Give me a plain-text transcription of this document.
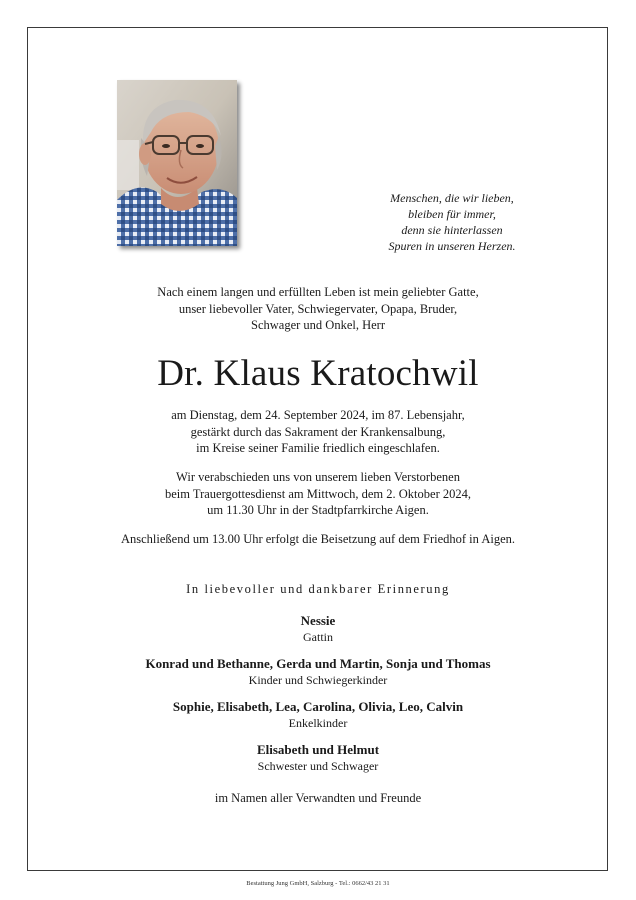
Menschen, die wir lieben,
bleiben für immer,
denn sie hinterlassen
Spuren in unseren Herzen.
Nach einem langen und erfüllten Leben ist mein geliebter Gatte,
unser liebevoller Vater, Schwiegervater, Opapa, Bruder,
Schwager und Onkel, Herr
Dr. Klaus Kratochwil
am Dienstag, dem 24. September 2024, im 87. Lebensjahr,
gestärkt durch das Sakrament der Krankensalbung,
im Kreise seiner Familie friedlich eingeschlafen.
Wir verabschieden uns von unserem lieben Verstorbenen
beim Trauergottesdienst am Mittwoch, dem 2. Oktober 2024,
um 11.30 Uhr in der Stadtpfarrkirche Aigen.
Anschließend um 13.00 Uhr erfolgt die Beisetzung auf dem Friedhof in Aigen.
In liebevoller und dankbarer Erinnerung
Nessie
Gattin
Konrad und Bethanne, Gerda und Martin, Sonja und Thomas
Kinder und Schwiegerkinder
Sophie, Elisabeth, Lea, Carolina, Olivia, Leo, Calvin
Enkelkinder
Elisabeth und Helmut
Schwester und Schwager
im Namen aller Verwandten und Freunde
Bestattung Jung GmbH, Salzburg - Tel.: 0662/43 21 31
